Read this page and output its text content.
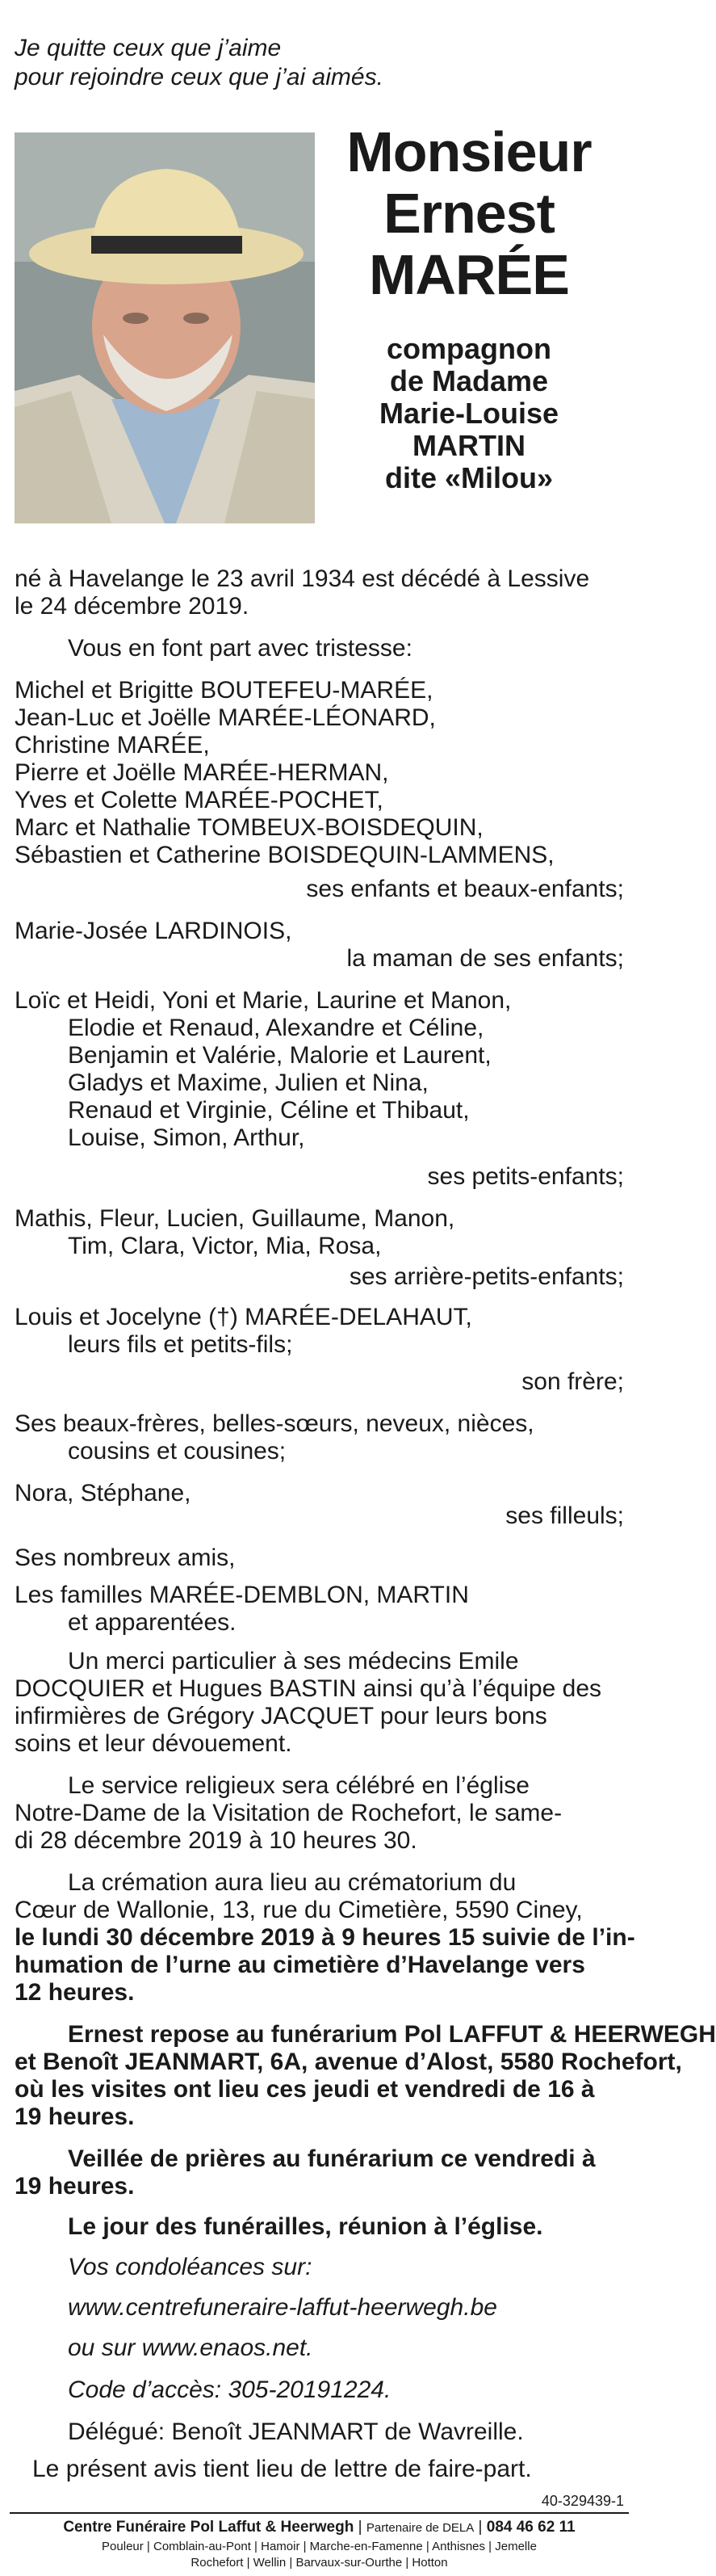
Je quitte ceux que j’aime
pour rejoindre ceux que j’ai aimés.
Monsieur
Ernest
MARÉE
compagnon
de Madame
Marie-Louise
MARTIN
dite «Milou»
né à Havelange le 23 avril 1934 est décédé à Lessive
le 24 décembre 2019.
Vous en font part avec tristesse:
Michel et Brigitte BOUTEFEU-MARÉE,
Jean-Luc et Joëlle MARÉE-LÉONARD,
Christine MARÉE,
Pierre et Joëlle MARÉE-HERMAN,
Yves et Colette MARÉE-POCHET,
Marc et Nathalie TOMBEUX-BOISDEQUIN,
Sébastien et Catherine BOISDEQUIN-LAMMENS,
ses enfants et beaux-enfants;
Marie-Josée LARDINOIS,
la maman de ses enfants;
Loïc et Heidi, Yoni et Marie, Laurine et Manon,
Elodie et Renaud, Alexandre et Céline,
Benjamin et Valérie, Malorie et Laurent,
Gladys et Maxime, Julien et Nina,
Renaud et Virginie, Céline et Thibaut,
Louise, Simon, Arthur,
ses petits-enfants;
Mathis, Fleur, Lucien, Guillaume, Manon,
Tim, Clara, Victor, Mia, Rosa,
ses arrière-petits-enfants;
Louis et Jocelyne (†) MARÉE-DELAHAUT,
leurs fils et petits-fils;
son frère;
Ses beaux-frères, belles-sœurs, neveux, nièces,
cousins et cousines;
Nora, Stéphane,
ses filleuls;
Ses nombreux amis,
Les familles MARÉE-DEMBLON, MARTIN
et apparentées.
Un merci particulier à ses médecins Emile
DOCQUIER et Hugues BASTIN ainsi qu’à l’équipe des
infirmières de Grégory JACQUET pour leurs bons
soins et leur dévouement.
Le service religieux sera célébré en l’église
Notre-Dame de la Visitation de Rochefort, le same-
di 28 décembre 2019 à 10 heures 30.
La crémation aura lieu au crématorium du
Cœur de Wallonie, 13, rue du Cimetière, 5590 Ciney,
le lundi 30 décembre 2019 à 9 heures 15 suivie de l’in-
humation de l’urne au cimetière d’Havelange vers
12 heures.
Ernest repose au funérarium Pol LAFFUT & HEERWEGH
et Benoît JEANMART, 6A, avenue d’Alost, 5580 Rochefort,
où les visites ont lieu ces jeudi et vendredi de 16 à
19 heures.
Veillée de prières au funérarium ce vendredi à
19 heures.
Le jour des funérailles, réunion à l’église.
Vos condoléances sur:
www.centrefuneraire-laffut-heerwegh.be
ou sur www.enaos.net.
Code d’accès: 305-20191224.
Délégué: Benoît JEANMART de Wavreille.
Le présent avis tient lieu de lettre de faire-part.
40-329439-1
Centre Funéraire Pol Laffut & Heerwegh | Partenaire de DELA | 084 46 62 11
Pouleur | Comblain-au-Pont | Hamoir | Marche-en-Famenne | Anthisnes | Jemelle
Rochefort | Wellin | Barvaux-sur-Ourthe | Hotton
